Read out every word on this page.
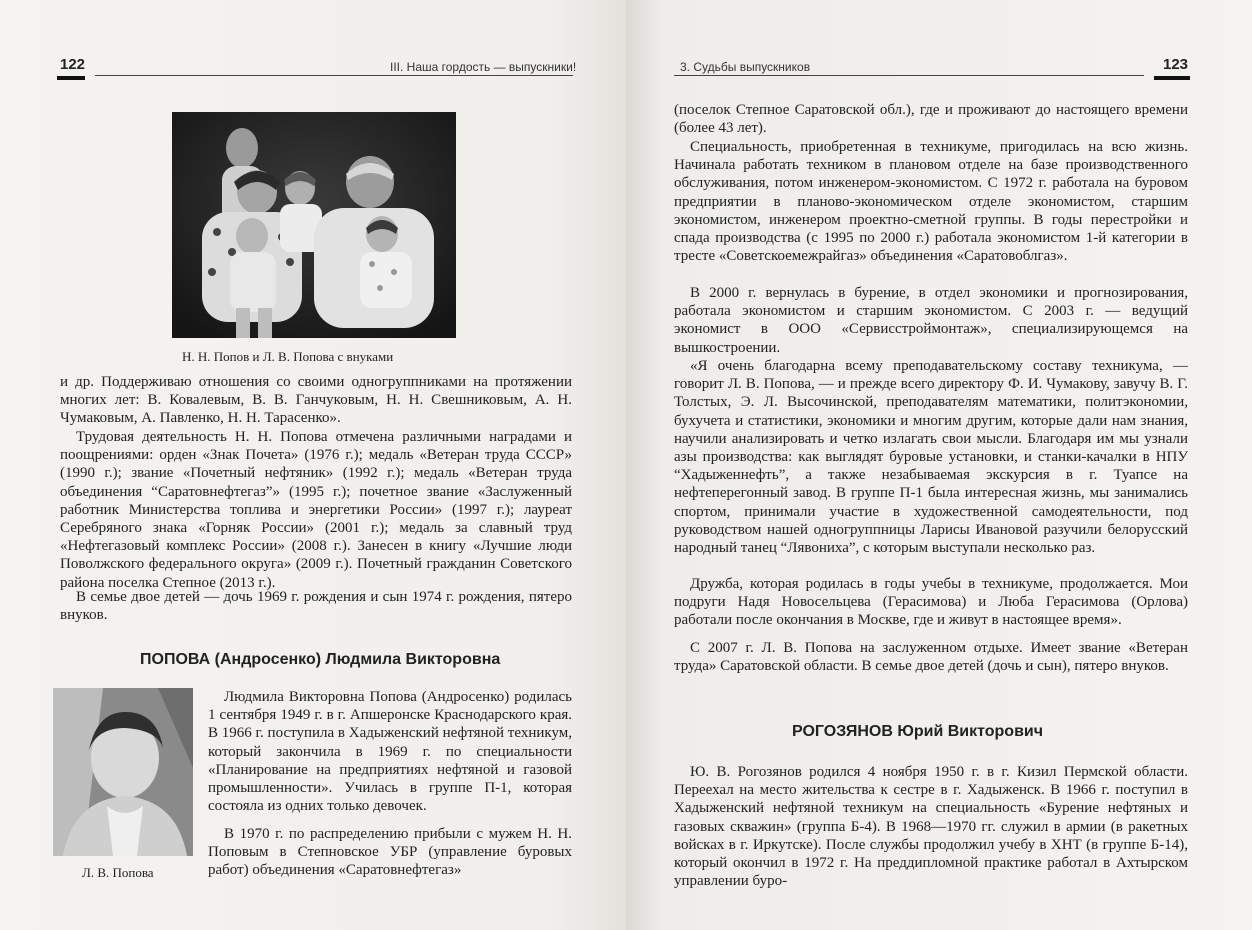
122	III. Наша гордость — выпускники!
Н. Н. Попов и Л. В. Попова с внуками

и др. Поддерживаю отношения со своими одногруппниками на протяжении многих лет: В. Ковалевым, В. В. Ганчуковым, Н. Н. Свешниковым, А. Н. Чумаковым, А. Павленко, Н. Н. Тарасенко».

Трудовая деятельность Н. Н. Попова отмечена различными наградами и поощрениями: орден «Знак Почета» (1976 г.); медаль «Ветеран труда СССР» (1990 г.); звание «Почетный нефтяник» (1992 г.); медаль «Ветеран труда объединения “Саратовнефтегаз”» (1995 г.); почетное звание «Заслуженный работник Министерства топлива и энергетики России» (1997 г.); лауреат Серебряного знака «Горняк России» (2001 г.); медаль за славный труд «Нефтегазовый комплекс России» (2008 г.). Занесен в книгу «Лучшие люди Поволжского федерального округа» (2009 г.). Почетный гражданин Советского района поселка Степное (2013 г.).

В семье двое детей — дочь 1969 г. рождения и сын 1974 г. рождения, пятеро внуков.

ПОПОВА (Андросенко) Людмила Викторовна
Л. В. Попова

Людмила Викторовна Попова (Андросенко) родилась 1 сентября 1949 г. в г. Апшеронске Краснодарского края. В 1966 г. поступила в Хадыженский нефтяной техникум, который закончила в 1969 г. по специальности «Планирование на предприятиях нефтяной и газовой промышленности». Училась в группе П-1, которая состояла из одних только девочек.

В 1970 г. по распределению прибыли с мужем Н. Н. Поповым в Степновское УБР (управление буровых работ) объединения «Саратовнефтегаз»

3. Судьбы выпускников	123

(поселок Степное Саратовской обл.), где и проживают до настоящего времени (более 43 лет).

Специальность, приобретенная в техникуме, пригодилась на всю жизнь. Начинала работать техником в плановом отделе на базе производственного обслуживания, потом инженером-экономистом. С 1972 г. работала на буровом предприятии в планово-экономическом отделе экономистом, старшим экономистом, инженером проектно-сметной группы. В годы перестройки и спада производства (с 1995 по 2000 г.) работала экономистом 1-й категории в тресте «Советскоемежрайгаз» объединения «Саратовоблгаз».

В 2000 г. вернулась в бурение, в отдел экономики и прогнозирования, работала экономистом и старшим экономистом. С 2003 г. — ведущий экономист в ООО «Сервисстроймонтаж», специализирующемся на вышкостроении.

«Я очень благодарна всему преподавательскому составу техникума, — говорит Л. В. Попова, — и прежде всего директору Ф. И. Чумакову, завучу В. Г. Толстых, Э. Л. Высочинской, преподавателям математики, политэкономии, бухучета и статистики, экономики и многим другим, которые дали нам знания, научили анализировать и четко излагать свои мысли. Благодаря им мы узнали азы производства: как выглядят буровые установки, и станки-качалки в НПУ “Хадыженнефть”, а также незабываемая экскурсия в г. Туапсе на нефтеперегонный завод. В группе П-1 была интересная жизнь, мы занимались спортом, принимали участие в художественной самодеятельности, под руководством нашей одногруппницы Ларисы Ивановой разучили белорусский народный танец “Лявониха”, с которым выступали несколько раз.

Дружба, которая родилась в годы учебы в техникуме, продолжается. Мои подруги Надя Новосельцева (Герасимова) и Люба Герасимова (Орлова) работали после окончания в Москве, где и живут в настоящее время».

С 2007 г. Л. В. Попова на заслуженном отдыхе. Имеет звание «Ветеран труда» Саратовской области. В семье двое детей (дочь и сын), пятеро внуков.

РОГОЗЯНОВ Юрий Викторович

Ю. В. Рогозянов родился 4 ноября 1950 г. в г. Кизил Пермской области. Переехал на место жительства к сестре в г. Хадыженск. В 1966 г. поступил в Хадыженский нефтяной техникум на специальность «Бурение нефтяных и газовых скважин» (группа Б-4). В 1968—1970 гг. служил в армии (в ракетных войсках в г. Иркутске). После службы продолжил учебу в ХНТ (в группе Б-14), который окончил в 1972 г. На преддипломной практике работал в Ахтырском управлении буро-
